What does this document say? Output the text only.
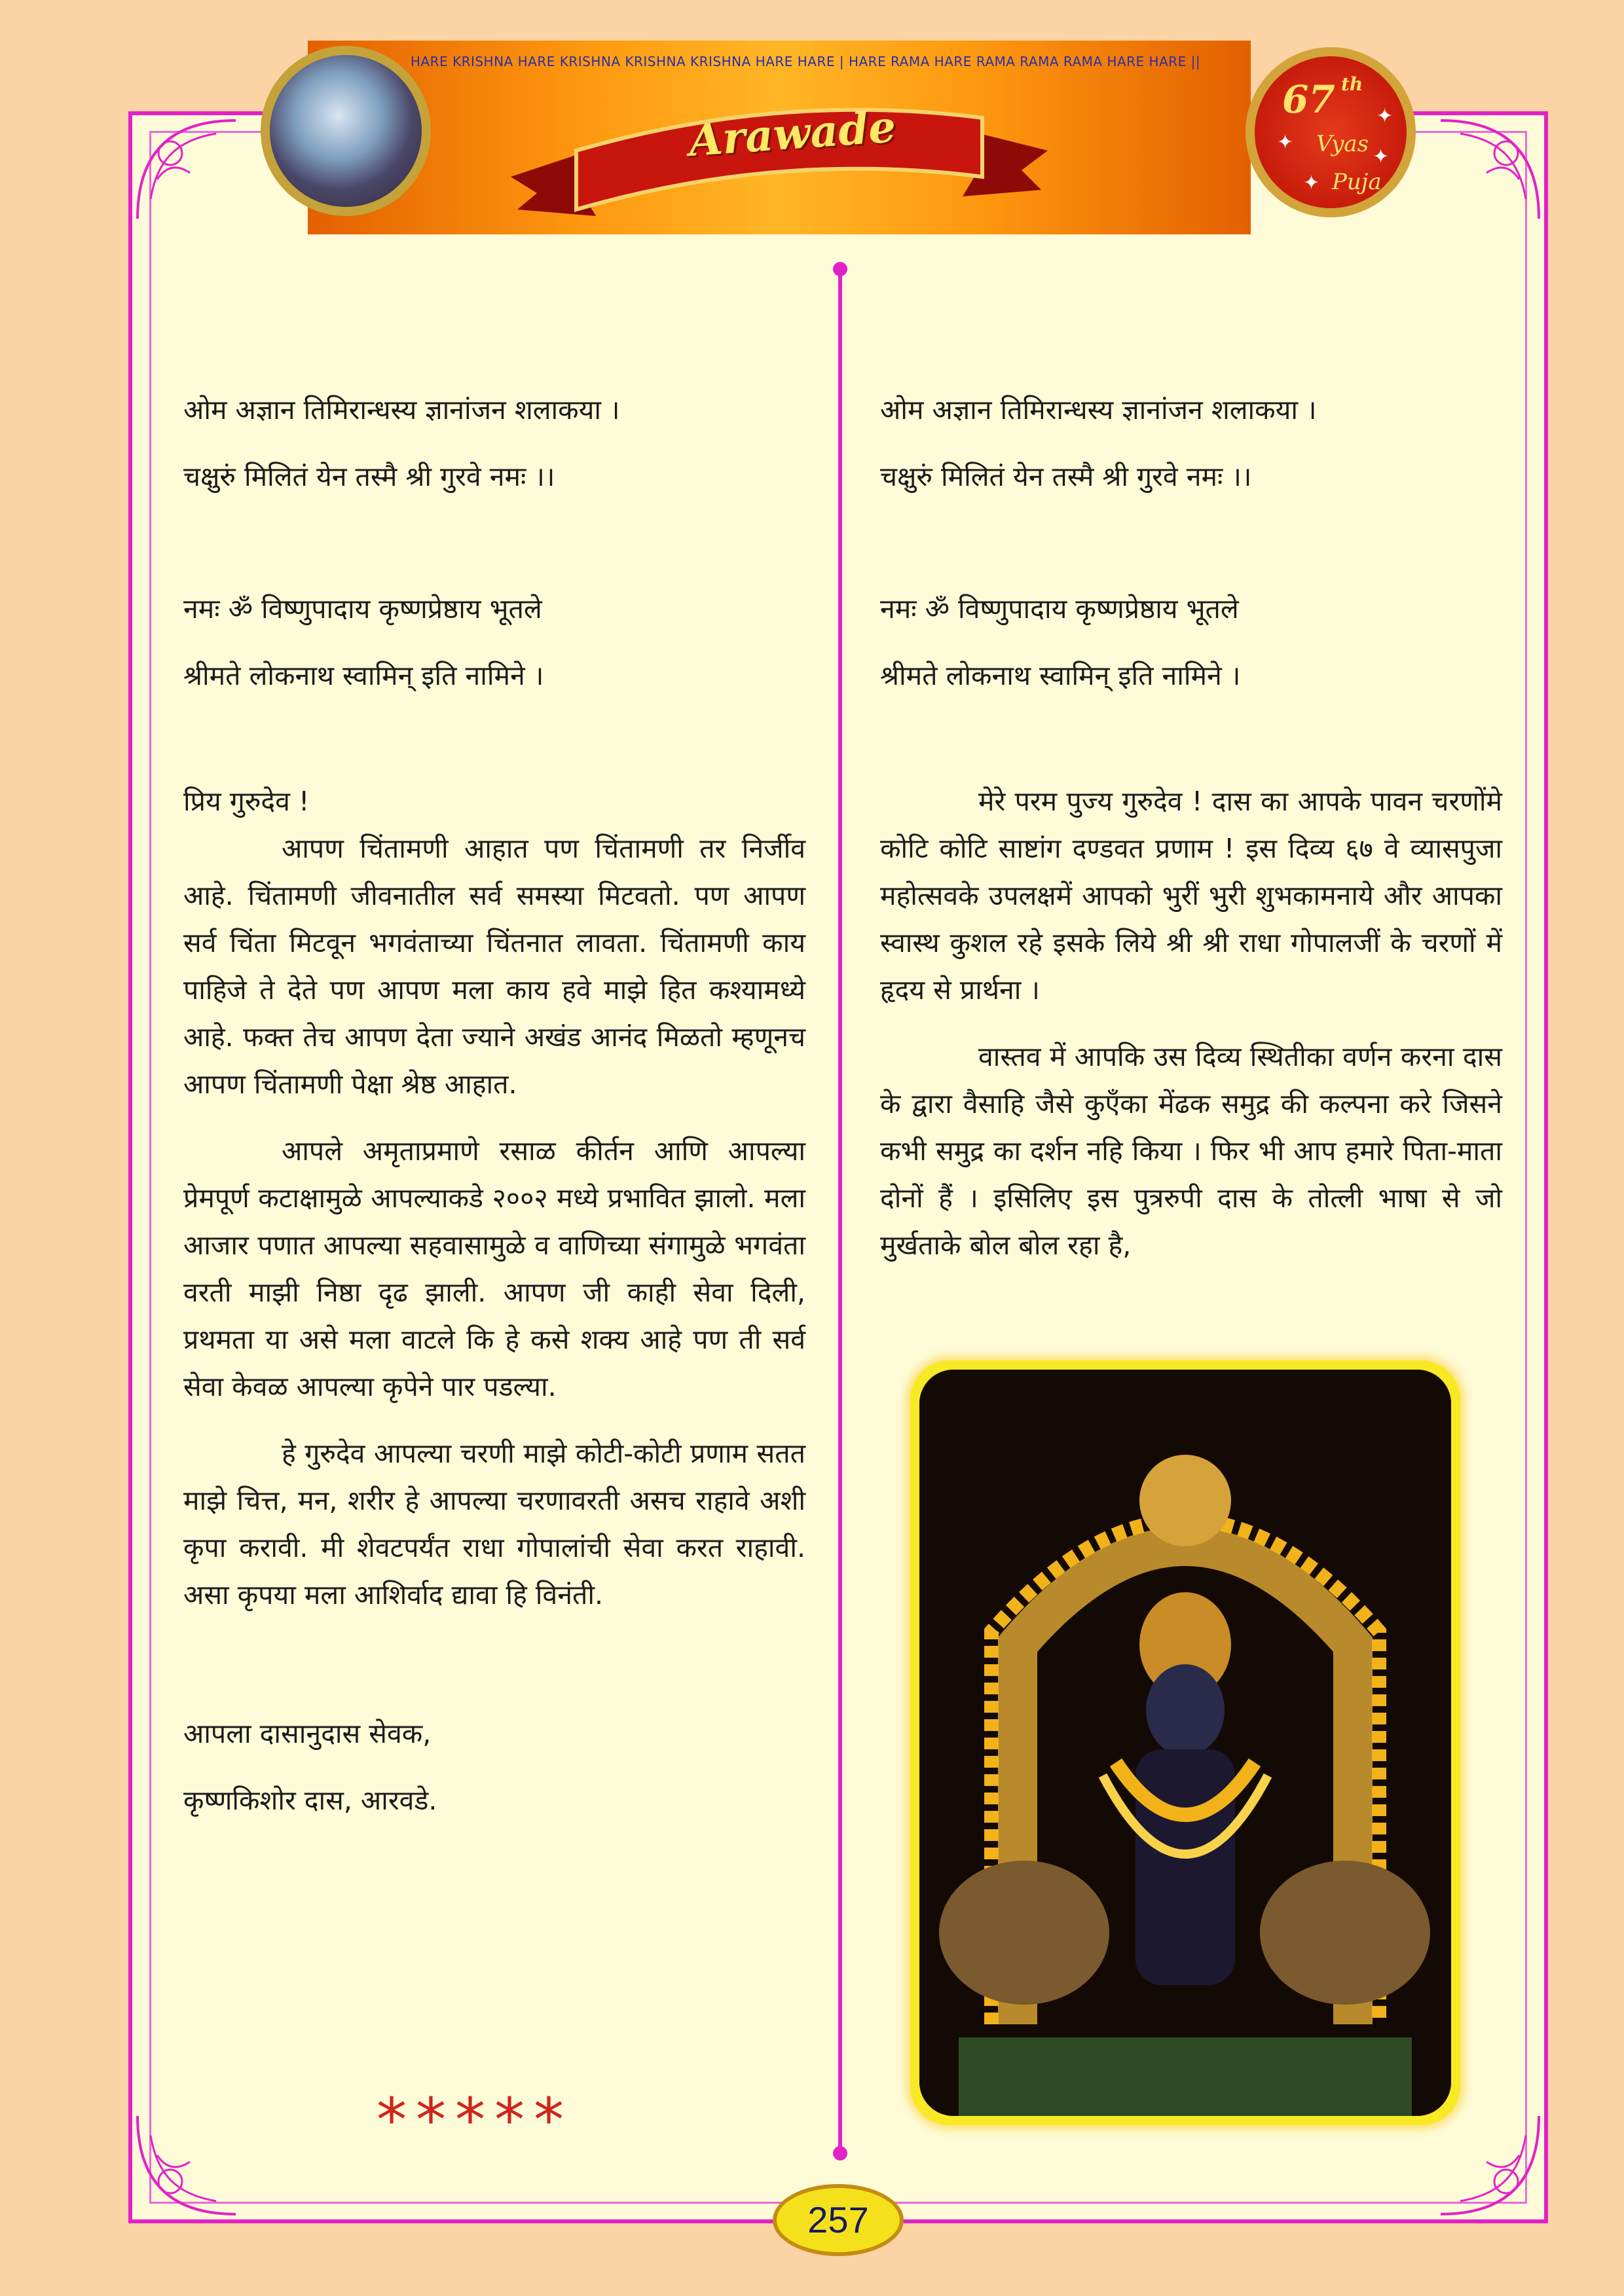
HARE KRISHNA HARE KRISHNA KRISHNA KRISHNA HARE HARE | HARE RAMA HARE RAMA RAMA RAMA HARE HARE ||
Arawade
67 th
Vyas
Puja
✦
✦
✦
✦

ओम अज्ञान तिमिरान्धस्य ज्ञानांजन शलाकया ।

चक्षुरुं मिलितं येन तस्मै श्री गुरवे नमः ।।

नमः ॐ विष्णुपादाय कृष्णप्रेष्ठाय भूतले

श्रीमते लोकनाथ स्वामिन् इति नामिने ।

प्रिय गुरुदेव !

आपण चिंतामणी आहात पण चिंतामणी तर निर्जीव आहे. चिंतामणी जीवनातील सर्व समस्या मिटवतो. पण आपण सर्व चिंता मिटवून भगवंताच्या चिंतनात लावता. चिंतामणी काय पाहिजे ते देते पण आपण मला काय हवे माझे हित कश्यामध्ये आहे. फक्त तेच आपण देता ज्याने अखंड आनंद मिळतो म्हणूनच आपण चिंतामणी पेक्षा श्रेष्ठ आहात.

आपले अमृताप्रमाणे रसाळ कीर्तन आणि आपल्या प्रेमपूर्ण कटाक्षामुळे आपल्याकडे २००२ मध्ये प्रभावित झालो. मला आजार पणात आपल्या सहवासामुळे व वाणिच्या संगामुळे भगवंता वरती माझी निष्ठा दृढ झाली. आपण जी काही सेवा दिली, प्रथमता या असे मला वाटले कि हे कसे शक्य आहे पण ती सर्व सेवा केवळ आपल्या कृपेने पार पडल्या.

हे गुरुदेव आपल्या चरणी माझे कोटी-कोटी प्रणाम सतत माझे चित्त, मन, शरीर हे आपल्या चरणावरती असच राहावे अशी कृपा करावी. मी शेवटपर्यंत राधा गोपालांची सेवा करत राहावी. असा कृपया मला आशिर्वाद द्यावा हि विनंती.

आपला दासानुदास सेवक,

कृष्णकिशोर दास, आरवडे.

*****

ओम अज्ञान तिमिरान्धस्य ज्ञानांजन शलाकया ।

चक्षुरुं मिलितं येन तस्मै श्री गुरवे नमः ।।

नमः ॐ विष्णुपादाय कृष्णप्रेष्ठाय भूतले

श्रीमते लोकनाथ स्वामिन् इति नामिने ।

मेरे परम पुज्य गुरुदेव ! दास का आपके पावन चरणोंमे कोटि कोटि साष्टांग दण्डवत प्रणाम ! इस दिव्य ६७ वे व्यासपुजा महोत्सवके उपलक्षमें आपको भुरीं भुरी शुभकामनाये और आपका स्वास्थ कुशल रहे इसके लिये श्री श्री राधा गोपालजीं के चरणों में हृदय से प्रार्थना ।

वास्तव में आपकि उस दिव्य स्थितीका वर्णन करना दास के द्वारा वैसाहि जैसे कुएँका मेंढक समुद्र की कल्पना करे जिसने कभी समुद्र का दर्शन नहि किया । फिर भी आप हमारे पिता-माता दोनों हैं । इसिलिए इस पुत्ररुपी दास के तोत्ली भाषा से जो मुर्खताके बोल बोल रहा है,

257
